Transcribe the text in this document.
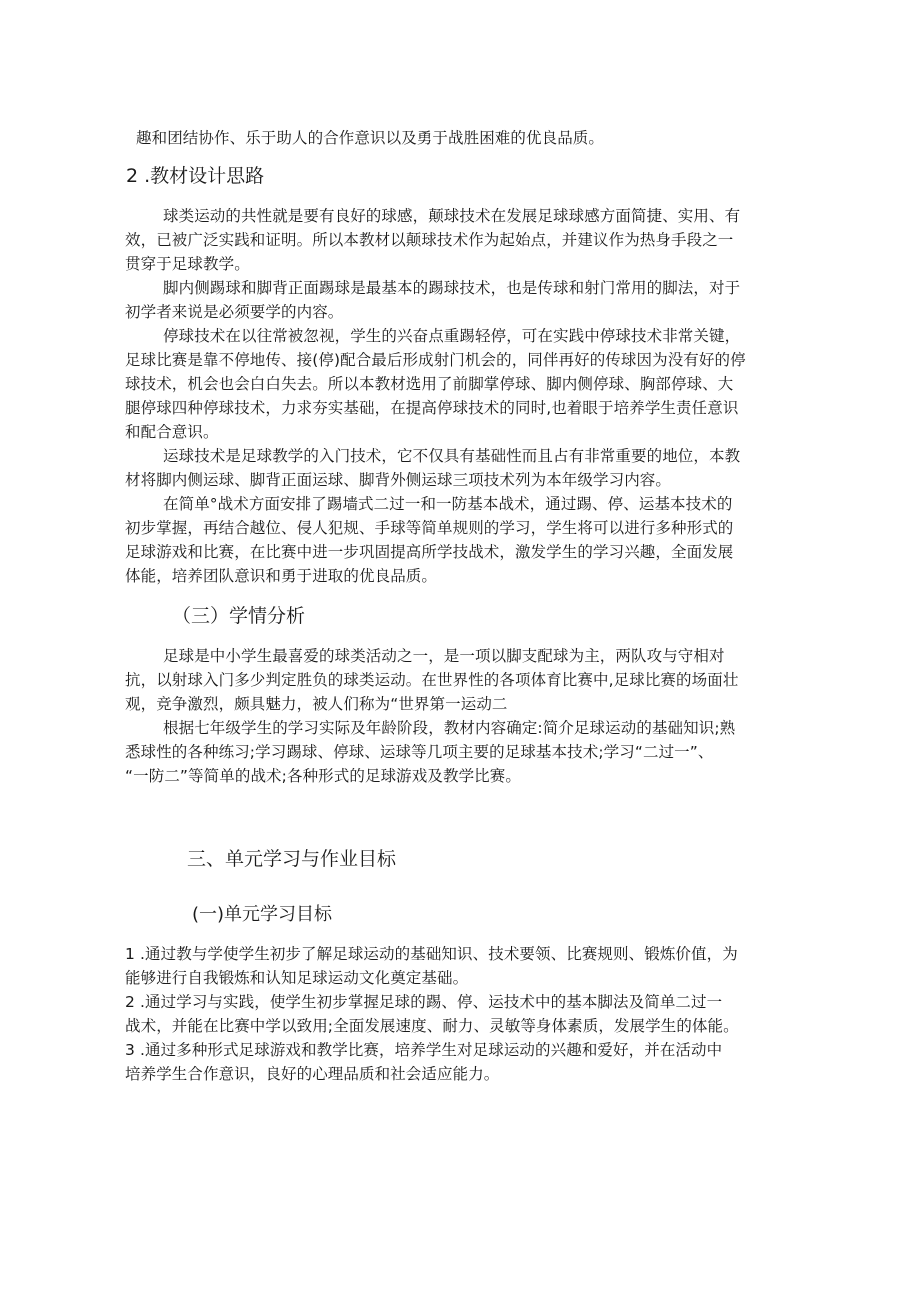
趣和团结协作、乐于助人的合作意识以及勇于战胜困难的优良品质。
2 .教材设计思路
球类运动的共性就是要有良好的球感，颠球技术在发展足球球感方面简捷、实用、有
效，已被广泛实践和证明。所以本教材以颠球技术作为起始点，并建议作为热身手段之一
贯穿于足球教学。
脚内侧踢球和脚背正面踢球是最基本的踢球技术，也是传球和射门常用的脚法，对于
初学者来说是必须要学的内容。
停球技术在以往常被忽视，学生的兴奋点重踢轻停，可在实践中停球技术非常关键，
足球比赛是靠不停地传、接(停)配合最后形成射门机会的，同伴再好的传球因为没有好的停
球技术，机会也会白白失去。所以本教材选用了前脚掌停球、脚内侧停球、胸部停球、大
腿停球四种停球技术，力求夯实基础，在提高停球技术的同时,也着眼于培养学生责任意识
和配合意识。
运球技术是足球教学的入门技术，它不仅具有基础性而且占有非常重要的地位，本教
材将脚内侧运球、脚背正面运球、脚背外侧运球三项技术列为本年级学习内容。
在简单°战术方面安排了踢墙式二过一和一防基本战术，通过踢、停、运基本技术的
初步掌握，再结合越位、侵人犯规、手球等简单规则的学习，学生将可以进行多种形式的
足球游戏和比赛，在比赛中进一步巩固提高所学技战术，激发学生的学习兴趣，全面发展
体能，培养团队意识和勇于进取的优良品质。
（三）学情分析
足球是中小学生最喜爱的球类活动之一，是一项以脚支配球为主，两队攻与守相对
抗，以射球入门多少判定胜负的球类运动。在世界性的各项体育比赛中,足球比赛的场面壮
观，竞争激烈，颇具魅力，被人们称为“世界第一运动二
根据七年级学生的学习实际及年龄阶段，教材内容确定:简介足球运动的基础知识;熟
悉球性的各种练习;学习踢球、停球、运球等几项主要的足球基本技术;学习“二过一”、
“一防二”等简单的战术;各种形式的足球游戏及教学比赛。
三、单元学习与作业目标
(一)单元学习目标
1 .通过教与学使学生初步了解足球运动的基础知识、技术要领、比赛规则、锻炼价值，为
能够进行自我锻炼和认知足球运动文化奠定基础。
2 .通过学习与实践，使学生初步掌握足球的踢、停、运技术中的基本脚法及简单二过一
战术，并能在比赛中学以致用;全面发展速度、耐力、灵敏等身体素质，发展学生的体能。
3 .通过多种形式足球游戏和教学比赛，培养学生对足球运动的兴趣和爱好，并在活动中
培养学生合作意识，良好的心理品质和社会适应能力。
